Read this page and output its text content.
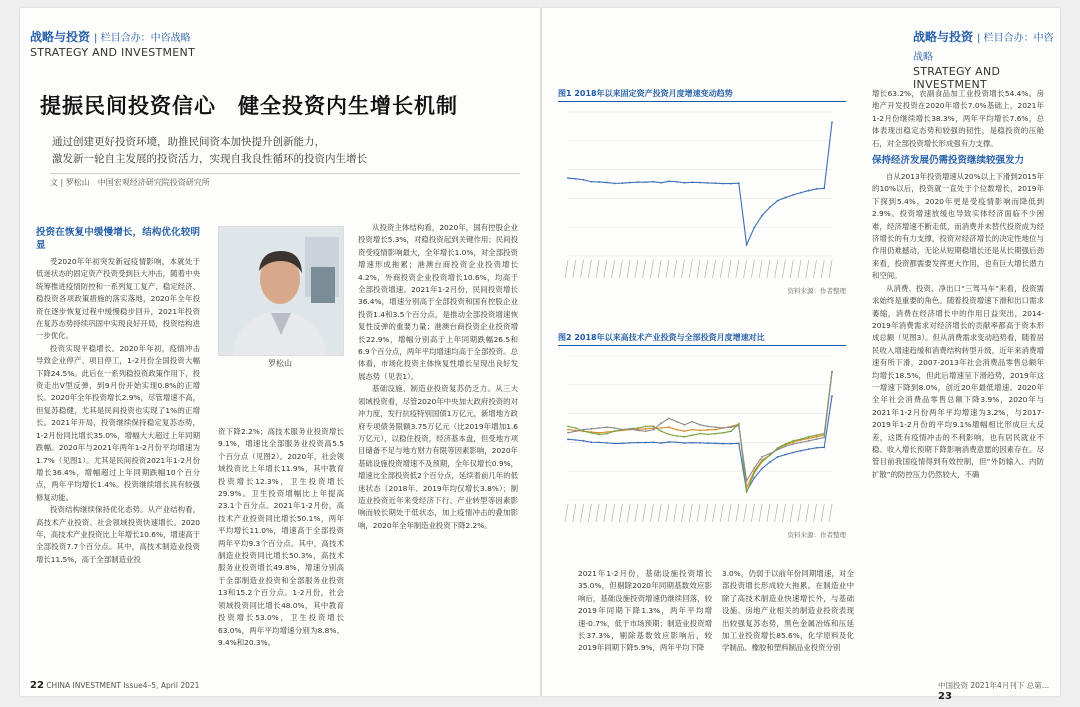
战略与投资 | 栏目合办：中咨战略
STRATEGY AND INVESTMENT
提振民间投资信心　健全投资内生增长机制
通过创建更好投资环境，助推民间资本加快提升创新能力，
激发新一轮自主发展的投资活力，实现自我良性循环的投资内生增长
文 | 罗松山　中国宏观经济研究院投资研究所
投资在恢复中缓慢增长，结构优化较明显

受2020年年初突发新冠疫情影响，本就处于低迷状态的固定资产投资受到巨大冲击，随着中央统筹推进疫情防控和一系列复工复产、稳定经济、稳投资各项政策措施的落实落地，2020年全年投资在逐步恢复过程中缓慢稳步回升，2021年投资在复苏态势持续巩固中实现良好开局，投资结构进一步优化。

投资实现平稳增长。2020年年初，疫情冲击导致企业停产、项目停工，1-2月份全国投资大幅下降24.5%。此后在一系列稳投资政策作用下，投资走出V型反弹，到9月份开始实现0.8%的正增长。2020年全年投资增长2.9%，尽管增速不高，但复苏稳健，尤其是民间投资也实现了1%的正增长。2021年开局，投资继续保持稳定复苏态势，1-2月份同比增长35.0%，增幅大大超过上年同期跌幅。2020年与2021年两年1-2月份平均增速为1.7%（见图1）。尤其是民间投资2021年1-2月份增长36.4%，增幅超过上年同期跌幅10个百分点，两年平均增长1.4%。投资继续增长具有较强修复动能。

投资结构继续保持优化态势。从产业结构看，高技术产业投资、社会领域投资快速增长。2020年，高技术产业投资比上年增长10.6%，增速高于全部投资7.7个百分点。其中，高技术制造业投资增长11.5%，高于全部制造业投

罗松山

资下降2.2%；高技术服务业投资增长9.1%，增速比全部服务业投资高5.5个百分点（见图2）。2020年，社会领域投资比上年增长11.9%，其中教育投资增长12.3%，卫生投资增长29.9%。卫生投资增幅比上年提高23.1个百分点。2021年1-2月份，高技术产业投资同比增长50.1%，两年平均增长11.0%，增速高于全部投资两年平均9.3个百分点。其中，高技术制造业投资同比增长50.3%，高技术服务业投资增长49.8%，增速分别高于全部制造业投资和全部服务业投资13和15.2个百分点。1-2月份，社会领域投资同比增长48.0%，其中教育投资增长53.0%，卫生投资增长63.0%，两年平均增速分别为8.8%、9.4%和20.3%。

从投资主体结构看，2020年，国有控股企业投资增长5.3%，对稳投资起到关键作用；民间投资受疫情影响最大，全年增长1.0%，对全部投资增速形成拖累；港澳台商投资企业投资增长4.2%，外商投资企业投资增长10.6%，均高于全部投资增速。2021年1-2月份，民间投资增长36.4%，增速分别高于全部投资和国有控股企业投资1.4和3.5个百分点，是推动全部投资增速恢复性反弹的重要力量；港澳台商投资企业投资增长22.9%，增幅分别高于上年同期跌幅26.5和6.9个百分点，两年平均增速均高于全部投资。总体看，市场化投资主体恢复性增长呈现出良好发展态势（见表1）。

基础设施、制造业投资复苏仍乏力。从三大领域投资看，尽管2020年中央加大政府投资的对冲力度，发行抗疫特别国债1万亿元，新增地方政府专项债务限额3.75万亿元（比2019年增加1.6万亿元），以稳住投资，经济基本盘，但受地方项目储备不足与地方财力有限等因素影响，2020年基础设施投资增速不及预期，全年仅增长0.9%，增速比全部投资低2个百分点，延续着前几年的低迷状态（2018年、2019年均仅增长3.8%）；制造业投资近年来受经济下行、产业转型等因素影响而较长期处于低状态，加上疫情冲击的叠加影响，2020年全年制造业投资下降2.2%。

22 CHINA INVESTMENT Issue4–5, April 2021
战略与投资 | 栏目合办：中咨战略
STRATEGY AND INVESTMENT
图1 2018年以来固定资产投资月度增速变动趋势
资料来源：作者整理
图2 2018年以来高技术产业投资与全部投资月度增速对比
资料来源：作者整理

2021年1-2月份，基础设施投资增长35.0%，但剔除2020年同期基数效应影响后，基础设施投资增速仍继续回落，较2019年同期下降1.3%，两年平均增速-0.7%，低于市场预期；制造业投资增长37.3%，剔除基数效应影响后，较2019年同期下降5.9%，两年平均下降

3.0%，仍弱于以前年份同期增速，对全部投资增长形成较大拖累。在制造业中除了高技术制造业快速增长外，与基础设施、房地产业相关的制造业投资表现出较强复苏态势，黑色金属冶炼和压延加工业投资增长85.6%，化学原料及化学制品、橡胶和塑料制品业投资分别

增长63.2%，农副食品加工业投资增长54.4%。房地产开发投资在2020年增长7.0%基础上，2021年1-2月份继续增长38.3%，两年平均增长7.6%，总体表现出稳定态势和较强的韧性，是稳投资的压舱石，对全部投资增长形成强有力支撑。

保持经济发展仍需投资继续较强发力

自从2013年投资增速从20%以上下滑到2015年的10%以后，投资就一直处于个位数增长，2019年下探到5.4%，2020年更是受疫情影响而降低到2.9%。投资增速放缓也导致实体经济面临不少困难，经济增速不断走低，而消费并未替代投资成为经济增长的有力支撑，投资对经济增长的决定性地位与作用仍难撼动，无论从短期稳增长还是从长期强后劲来看，投资都需要发挥更大作用，也有巨大增长潜力和空间。

从消费、投资、净出口“三驾马车”来看，投资需求始终是重要的角色。随着投资增速下滑和出口需求萎缩，消费在经济增长中的作用日益突出，2014-2019年消费需求对经济增长的贡献率都高于资本形成总额（见图3）。但从消费需求变动趋势看，随着居民收入增速趋缓和消费结构转型升级，近年来消费增速有所下滑，2007-2013年社会消费品零售总额年均增长18.5%，但此后增速呈下滑趋势，2019年这一增速下降到8.0%，创近20年最低增速。2020年全年社会消费品零售总额下降3.9%，2020年与2021年1-2月份两年平均增速为3.2%，与2017-2019年1-2月份的平均9.1%增幅相比形成巨大反差，这既有疫情冲击的不利影响，也有居民就业不稳、收入增长预期下降影响消费意愿的因素存在。尽管目前我国疫情得到有效控制，但“外防输入、内防扩散”的防控压力仍然较大，不确

中国投资 2021年4月刊下 总第… 23
